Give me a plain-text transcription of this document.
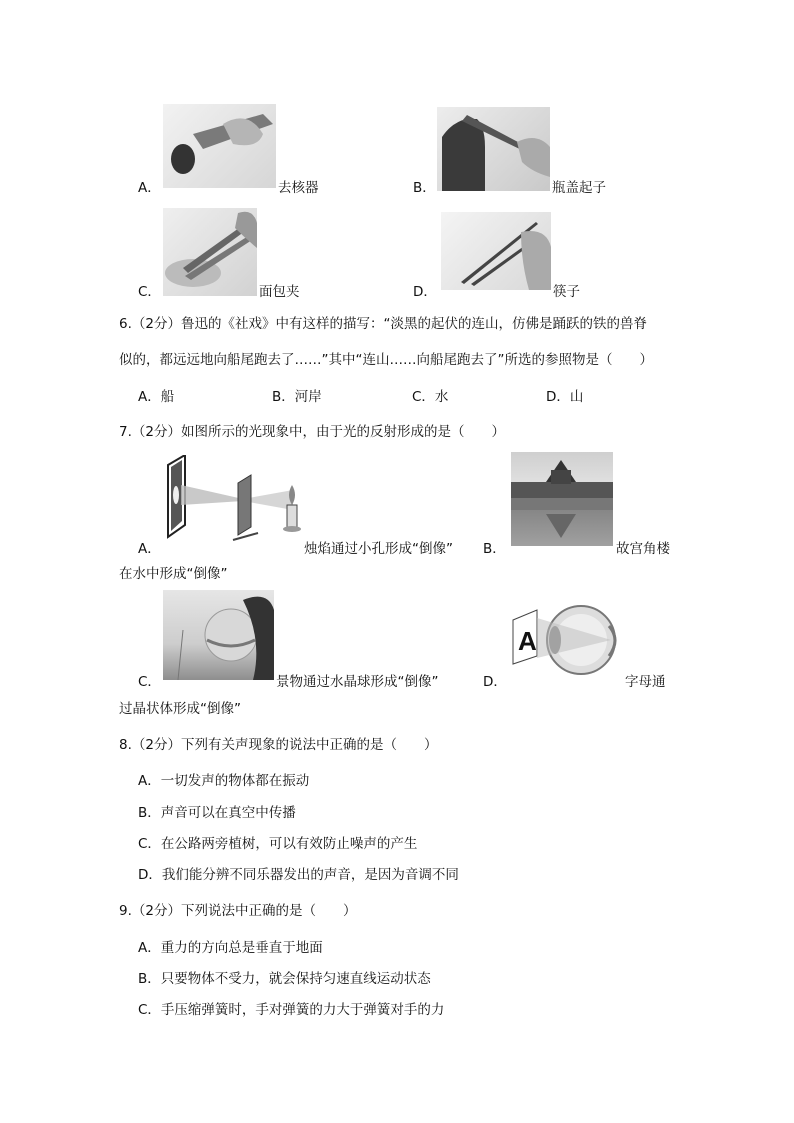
A．	去核器	B．	瓶盖起子
C．	面包夹	D．	筷子
6.（2分）鲁迅的《社戏》中有这样的描写：“淡黑的起伏的连山，仿佛是踊跃的铁的兽脊
似的，都远远地向船尾跑去了……”其中“连山……向船尾跑去了”所选的参照物是（　　）
A．船	B．河岸	C．水	D．山
7.（2分）如图所示的光现象中，由于光的反射形成的是（　　）
A．	烛焰通过小孔形成“倒像” B．	故宫角楼
在水中形成“倒像”
C．	景物通过水晶球形成“倒像”
A
D．	字母通
过晶状体形成“倒像”
8.（2分）下列有关声现象的说法中正确的是（　　）
A．一切发声的物体都在振动
B．声音可以在真空中传播
C．在公路两旁植树，可以有效防止噪声的产生
D．我们能分辨不同乐器发出的声音，是因为音调不同
9.（2分）下列说法中正确的是（　　）
A．重力的方向总是垂直于地面
B．只要物体不受力，就会保持匀速直线运动状态
C．手压缩弹簧时，手对弹簧的力大于弹簧对手的力
